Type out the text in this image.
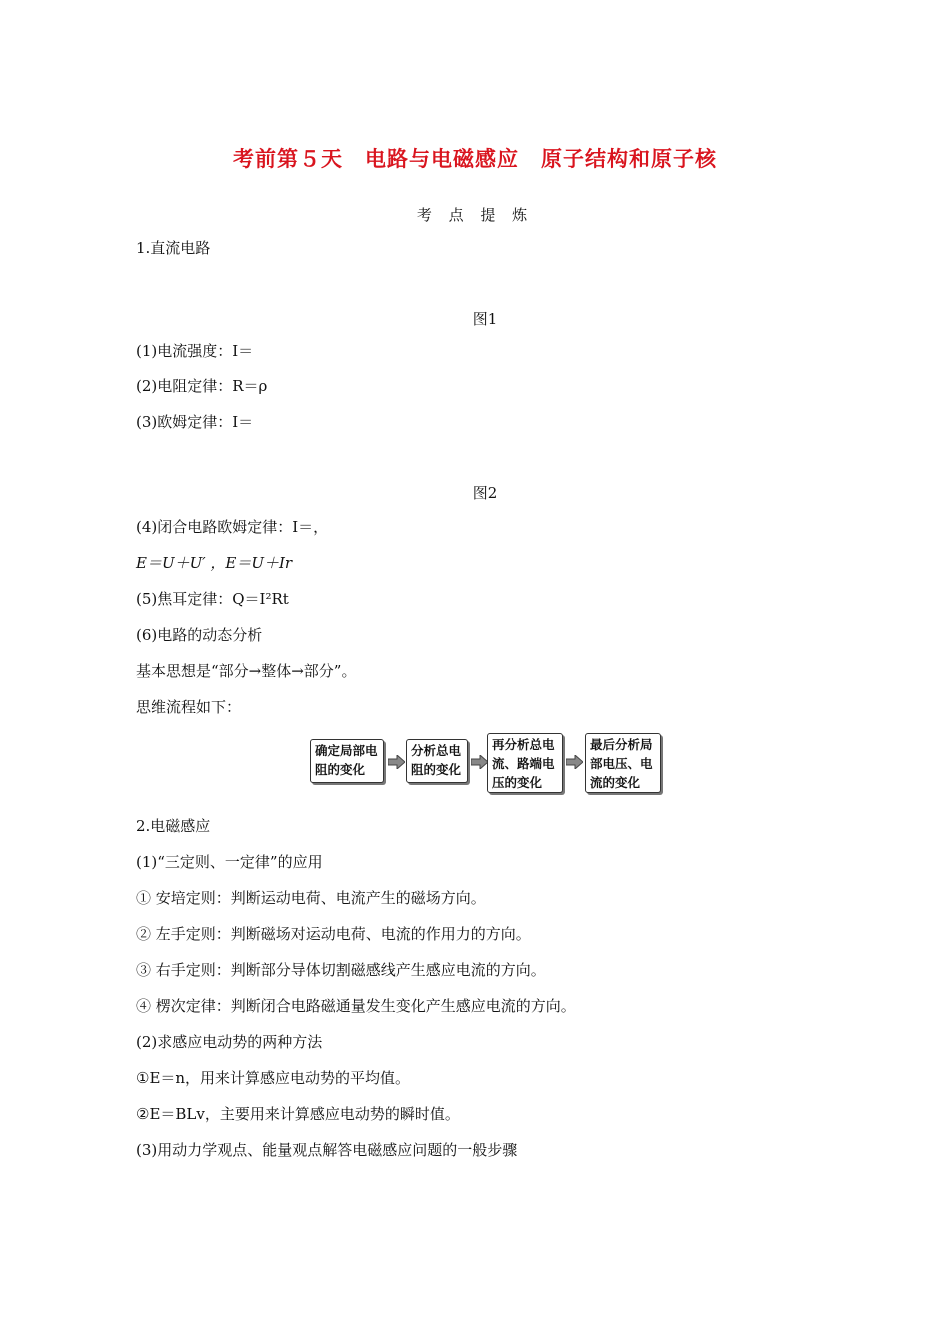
考前第５天　电路与电磁感应　原子结构和原子核
考 点 提 炼
1.直流电路
图1
(1)电流强度：I＝
(2)电阻定律：R＝ρ
(3)欧姆定律：I＝
图2
(4)闭合电路欧姆定律：I＝，
E＝U＋U′ ，E＝U＋Ir
(5)焦耳定律：Q＝I²Rt
(6)电路的动态分析
基本思想是“部分→整体→部分”。
思维流程如下：
确定局部电阻的变化
分析总电阻的变化
再分析总电流、路端电压的变化
最后分析局部电压、电流的变化
2.电磁感应
(1)“三定则、一定律”的应用
① 安培定则：判断运动电荷、电流产生的磁场方向。
② 左手定则：判断磁场对运动电荷、电流的作用力的方向。
③ 右手定则：判断部分导体切割磁感线产生感应电流的方向。
④ 楞次定律：判断闭合电路磁通量发生变化产生感应电流的方向。
(2)求感应电动势的两种方法
①E＝n，用来计算感应电动势的平均值。
②E＝BLv，主要用来计算感应电动势的瞬时值。
(3)用动力学观点、能量观点解答电磁感应问题的一般步骤
